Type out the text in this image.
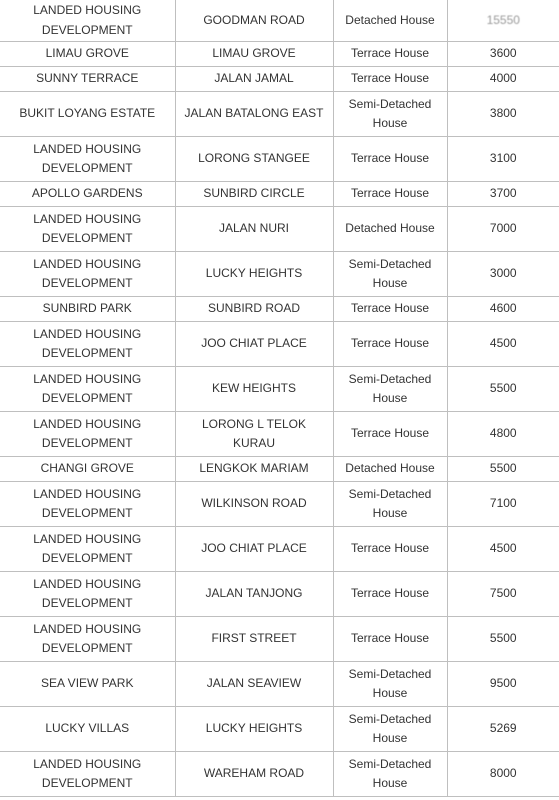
LANDED HOUSING DEVELOPMENT	GOODMAN ROAD	Detached House	15550
LIMAU GROVE	LIMAU GROVE	Terrace House	3600
SUNNY TERRACE	JALAN JAMAL	Terrace House	4000
BUKIT LOYANG ESTATE	JALAN BATALONG EAST	Semi-Detached House	3800
LANDED HOUSING DEVELOPMENT	LORONG STANGEE	Terrace House	3100
APOLLO GARDENS	SUNBIRD CIRCLE	Terrace House	3700
LANDED HOUSING DEVELOPMENT	JALAN NURI	Detached House	7000
LANDED HOUSING DEVELOPMENT	LUCKY HEIGHTS	Semi-Detached House	3000
SUNBIRD PARK	SUNBIRD ROAD	Terrace House	4600
LANDED HOUSING DEVELOPMENT	JOO CHIAT PLACE	Terrace House	4500
LANDED HOUSING DEVELOPMENT	KEW HEIGHTS	Semi-Detached House	5500
LANDED HOUSING DEVELOPMENT	LORONG L TELOK KURAU	Terrace House	4800
CHANGI GROVE	LENGKOK MARIAM	Detached House	5500
LANDED HOUSING DEVELOPMENT	WILKINSON ROAD	Semi-Detached House	7100
LANDED HOUSING DEVELOPMENT	JOO CHIAT PLACE	Terrace House	4500
LANDED HOUSING DEVELOPMENT	JALAN TANJONG	Terrace House	7500
LANDED HOUSING DEVELOPMENT	FIRST STREET	Terrace House	5500
SEA VIEW PARK	JALAN SEAVIEW	Semi-Detached House	9500
LUCKY VILLAS	LUCKY HEIGHTS	Semi-Detached House	5269
LANDED HOUSING DEVELOPMENT	WAREHAM ROAD	Semi-Detached House	8000
